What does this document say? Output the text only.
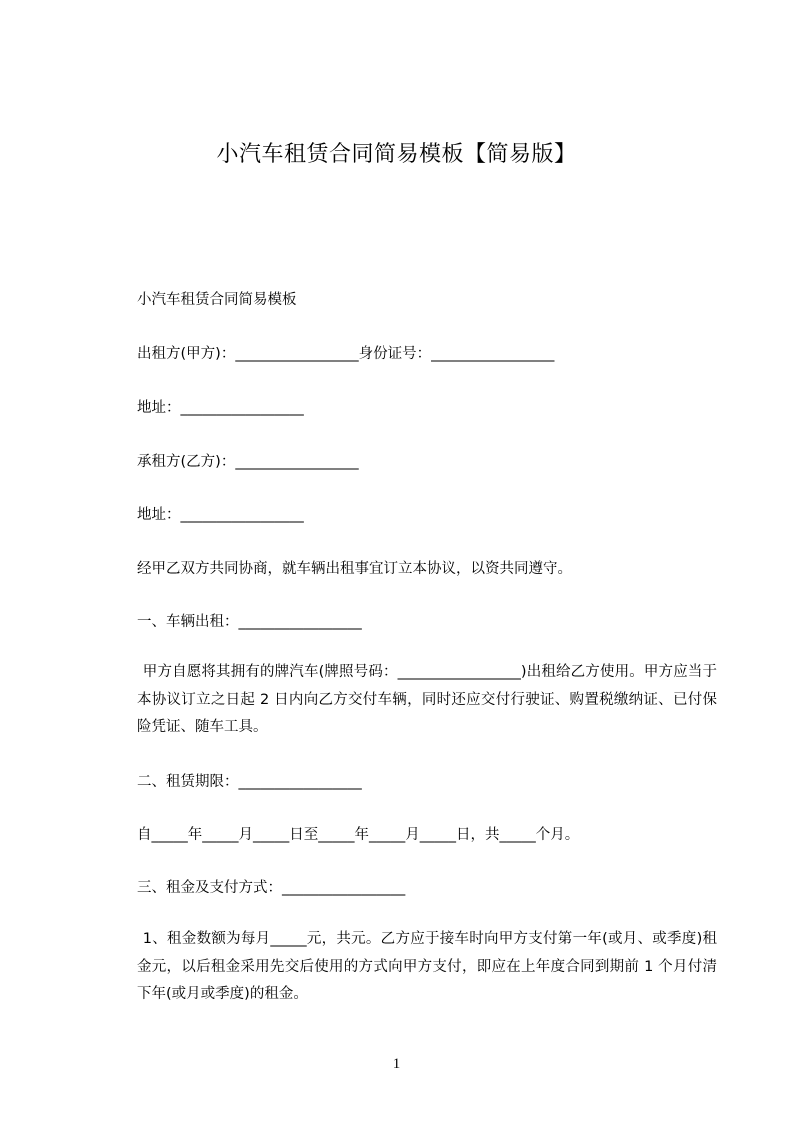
小汽车租赁合同简易模板【简易版】
小汽车租赁合同简易模板
出租方(甲方)：_________________身份证号：_________________
地址：_________________
承租方(乙方)：_________________
地址：_________________
经甲乙双方共同协商，就车辆出租事宜订立本协议，以资共同遵守。
一、车辆出租：_________________
甲方自愿将其拥有的牌汽车(牌照号码：_________________)出租给乙方使用。甲方应当于本协议订立之日起 2 日内向乙方交付车辆，同时还应交付行驶证、购置税缴纳证、已付保险凭证、随车工具。
二、租赁期限：_________________
自_____年_____月_____日至_____年_____月_____日，共_____个月。
三、租金及支付方式：_________________
1、租金数额为每月_____元，共元。乙方应于接车时向甲方支付第一年(或月、或季度)租金元，以后租金采用先交后使用的方式向甲方支付，即应在上年度合同到期前 1 个月付清下年(或月或季度)的租金。
1
